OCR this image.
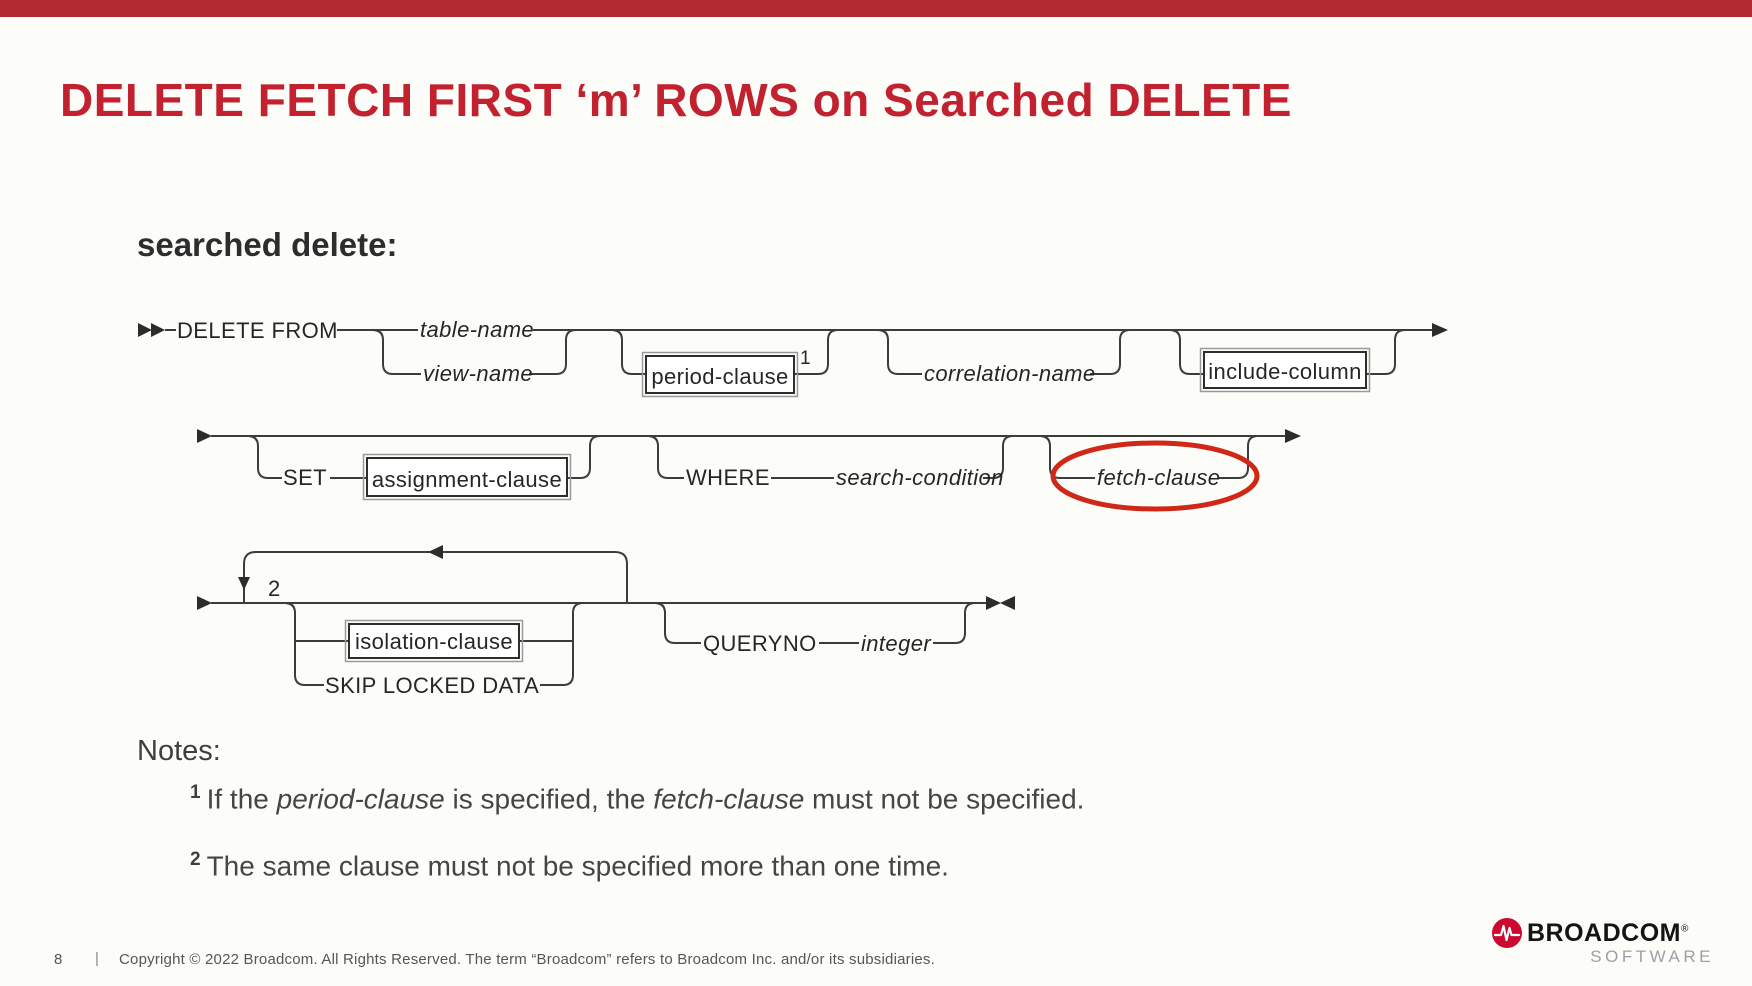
DELETE FETCH FIRST ‘m’ ROWS on Searched DELETE
searched delete:
DELETE FROM	table-name
view-name	period-clause
1
correlation-name	include-column
SET assignment-clause	WHERE	search-condition	fetch-clause
2
isolation-clause
SKIP LOCKED DATA
QUERYNO integer
Notes:
$^1$ If the period-clause is specified, the fetch-clause must not be specified.
$^2$ The same clause must not be specified more than one time.
8 | Copyright © 2022 Broadcom. All Rights Reserved. The term “Broadcom” refers to Broadcom Inc. and/or its subsidiaries.
BROADCOM®
SOFTWARE
